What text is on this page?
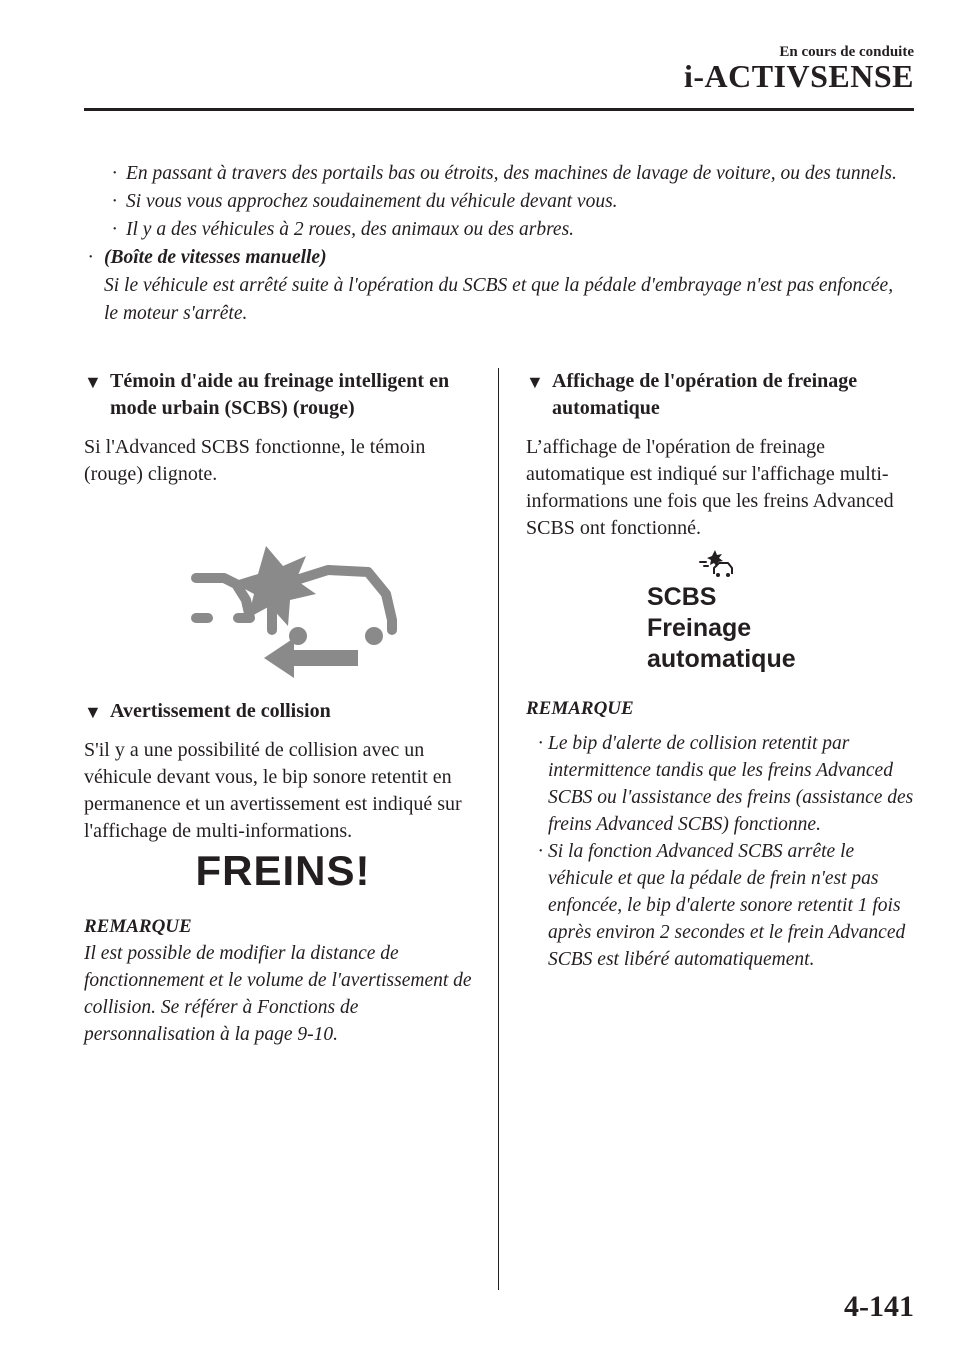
En cours de conduite
i-ACTIVSENSE
· En passant à travers des portails bas ou étroits, des machines de lavage de voiture, ou des tunnels.
· Si vous vous approchez soudainement du véhicule devant vous.
· Il y a des véhicules à 2 roues, des animaux ou des arbres.
· (Boîte de vitesses manuelle)
Si le véhicule est arrêté suite à l'opération du SCBS et que la pédale d'embrayage n'est pas enfoncée, le moteur s'arrête.
▼ Témoin d'aide au freinage intelligent en mode urbain (SCBS) (rouge)

Si l'Advanced SCBS fonctionne, le témoin (rouge) clignote.

▼ Avertissement de collision

S'il y a une possibilité de collision avec un véhicule devant vous, le bip sonore retentit en permanence et un avertissement est indiqué sur l'affichage de multi-informations.

FREINS!
REMARQUE
Il est possible de modifier la distance de fonctionnement et le volume de l'avertissement de collision. Se référer à Fonctions de personnalisation à la page 9-10.
▼ Affichage de l'opération de freinage automatique

L’affichage de l'opération de freinage automatique est indiqué sur l'affichage multi-informations une fois que les freins Advanced SCBS ont fonctionné.

SCBS
Freinage
automatique
REMARQUE
· Le bip d'alerte de collision retentit par intermittence tandis que les freins Advanced SCBS ou l'assistance des freins (assistance des freins Advanced SCBS) fonctionne.
· Si la fonction Advanced SCBS arrête le véhicule et que la pédale de frein n'est pas enfoncée, le bip d'alerte sonore retentit 1 fois après environ 2 secondes et le frein Advanced SCBS est libéré automatiquement.
4-141
